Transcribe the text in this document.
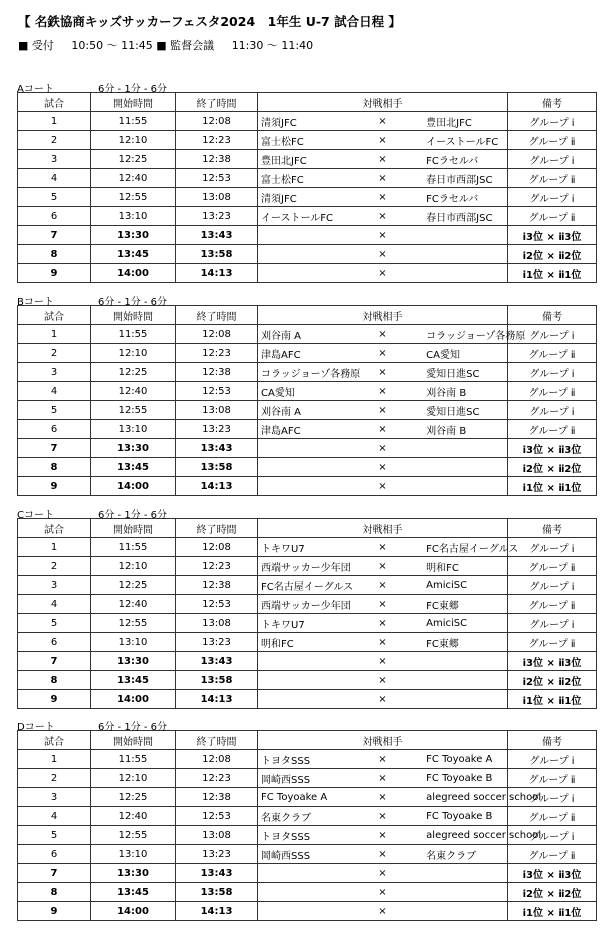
【 名鉄協商キッズサッカーフェスタ2024　1年生 U-7 試合日程 】
■ 受付 10:50 ～ 11:45 ■ 監督会議 11:30 ～ 11:40
Aコート	6分 - 1分 - 6分
試合	開始時間	終了時間	対戦相手			備考
1	11:55	12:08	清須JFC	×	豊田北JFC	グループ ⅰ
2	12:10	12:23	富士松FC	×	イーストールFC	グループ ⅱ
3	12:25	12:38	豊田北JFC	×	FCラセルバ	グループ ⅰ
4	12:40	12:53	富士松FC	×	春日市西部JSC	グループ ⅱ
5	12:55	13:08	清須JFC	×	FCラセルバ	グループ ⅰ
6	13:10	13:23	イーストールFC	×	春日市西部JSC	グループ ⅱ
7	13:30	13:43		×		ⅰ3位 × ⅱ3位
8	13:45	13:58		×		ⅰ2位 × ⅱ2位
9	14:00	14:13		×		ⅰ1位 × ⅱ1位
Bコート	6分 - 1分 - 6分
試合	開始時間	終了時間	対戦相手			備考
1	11:55	12:08	刈谷南 A	×	コラッジョーゾ各務原	グループ ⅰ
2	12:10	12:23	津島AFC	×	CA愛知	グループ ⅱ
3	12:25	12:38	コラッジョーゾ各務原	×	愛知日進SC	グループ ⅰ
4	12:40	12:53	CA愛知	×	刈谷南 B	グループ ⅱ
5	12:55	13:08	刈谷南 A	×	愛知日進SC	グループ ⅰ
6	13:10	13:23	津島AFC	×	刈谷南 B	グループ ⅱ
7	13:30	13:43		×		ⅰ3位 × ⅱ3位
8	13:45	13:58		×		ⅰ2位 × ⅱ2位
9	14:00	14:13		×		ⅰ1位 × ⅱ1位
Cコート	6分 - 1分 - 6分
試合	開始時間	終了時間	対戦相手			備考
1	11:55	12:08	トキワU7	×	FC名古屋イーグルス	グループ ⅰ
2	12:10	12:23	西端サッカー少年団	×	明和FC	グループ ⅱ
3	12:25	12:38	FC名古屋イーグルス	×	AmiciSC	グループ ⅰ
4	12:40	12:53	西端サッカー少年団	×	FC東郷	グループ ⅱ
5	12:55	13:08	トキワU7	×	AmiciSC	グループ ⅰ
6	13:10	13:23	明和FC	×	FC東郷	グループ ⅱ
7	13:30	13:43		×		ⅰ3位 × ⅱ3位
8	13:45	13:58		×		ⅰ2位 × ⅱ2位
9	14:00	14:13		×		ⅰ1位 × ⅱ1位
Dコート	6分 - 1分 - 6分
試合	開始時間	終了時間	対戦相手			備考
1	11:55	12:08	トヨタSSS	×	FC Toyoake A	グループ ⅰ
2	12:10	12:23	岡崎西SSS	×	FC Toyoake B	グループ ⅱ
3	12:25	12:38	FC Toyoake A	×	alegreed soccer school	グループ ⅰ
4	12:40	12:53	名東クラブ	×	FC Toyoake B	グループ ⅱ
5	12:55	13:08	トヨタSSS	×	alegreed soccer school	グループ ⅰ
6	13:10	13:23	岡崎西SSS	×	名東クラブ	グループ ⅱ
7	13:30	13:43		×		ⅰ3位 × ⅱ3位
8	13:45	13:58		×		ⅰ2位 × ⅱ2位
9	14:00	14:13		×		ⅰ1位 × ⅱ1位
